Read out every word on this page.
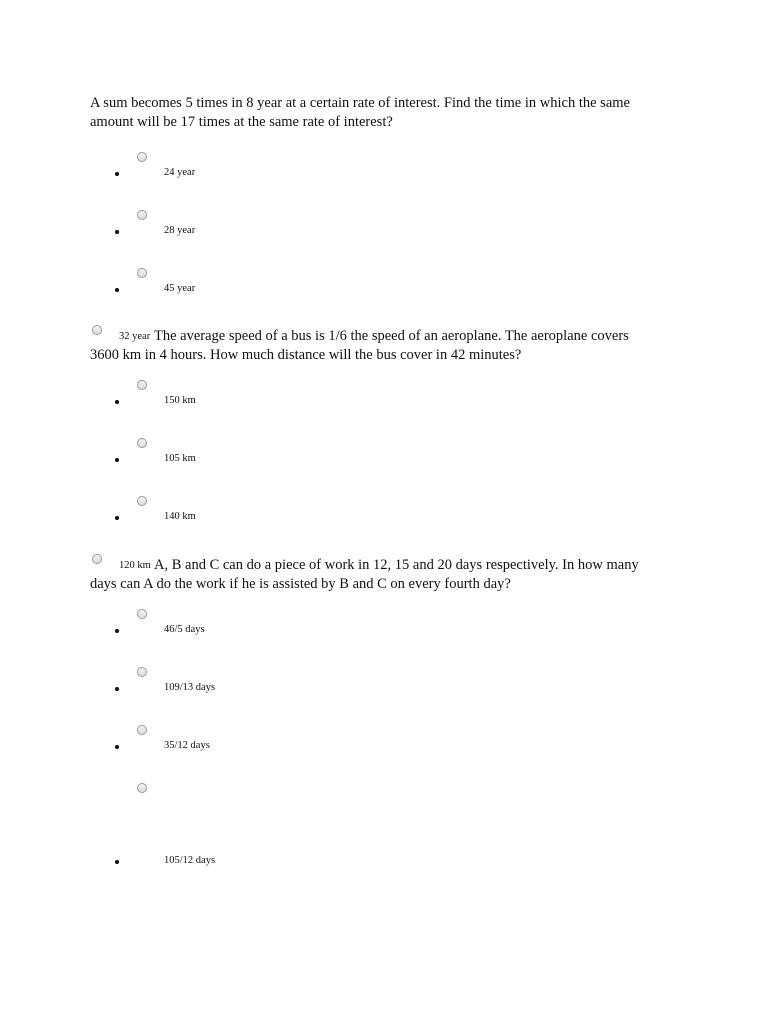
A sum becomes 5 times in 8 year at a certain rate of interest. Find the time in which the same
amount will be 17 times at the same rate of interest?
24 year
28 year
45 year
32 year The average speed of a bus is 1/6 the speed of an aeroplane. The aeroplane covers
3600 km in 4 hours. How much distance will the bus cover in 42 minutes?
150 km
105 km
140 km
120 km A, B and C can do a piece of work in 12, 15 and 20 days respectively. In how many
days can A do the work if he is assisted by B and C on every fourth day?
46/5 days
109/13 days
35/12 days
105/12 days
